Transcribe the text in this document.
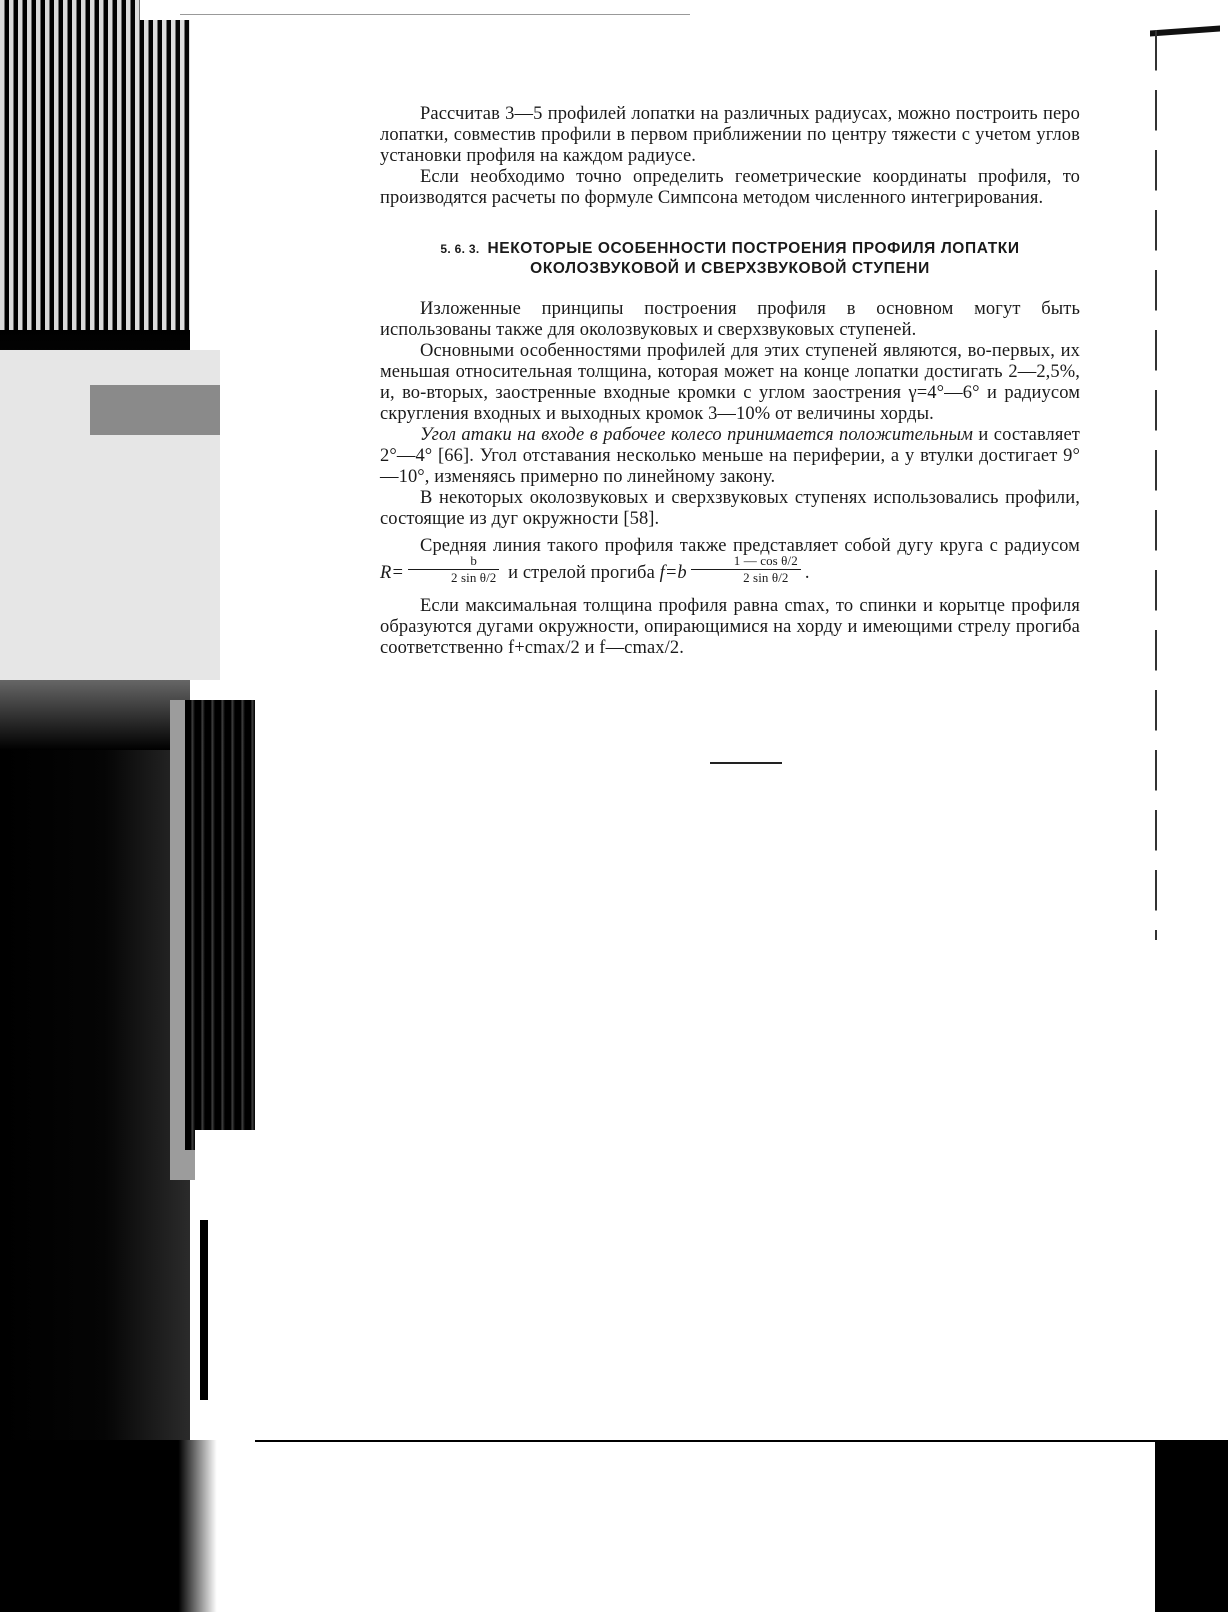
Рассчитав 3—5 профилей лопатки на различных радиусах, можно построить перо лопатки, совместив профили в первом приближении по центру тяжести с учетом углов установки профиля на каждом радиусе.

Если необходимо точно определить геометрические координаты профиля, то производятся расчеты по формуле Симпсона методом численного интегрирования.

5. 6. 3. НЕКОТОРЫЕ ОСОБЕННОСТИ ПОСТРОЕНИЯ ПРОФИЛЯ ЛОПАТКИ ОКОЛОЗВУКОВОЙ И СВЕРХЗВУКОВОЙ СТУПЕНИ

Изложенные принципы построения профиля в основном могут быть использованы также для околозвуковых и сверхзвуковых ступеней.

Основными особенностями профилей для этих ступеней являются, во-первых, их меньшая относительная толщина, которая может на конце лопатки достигать 2—2,5%, и, во-вторых, заостренные входные кромки с углом заострения γ=4°—6° и радиусом скругления входных и выходных кромок 3—10% от величины хорды.

Угол атаки на входе в рабочее колесо принимается положительным и составляет 2°—4° [66]. Угол отставания несколько меньше на периферии, а у втулки достигает 9°—10°, изменяясь примерно по линейному закону.

В некоторых околозвуковых и сверхзвуковых ступенях использовались профили, состоящие из дуг окружности [58].

Средняя линия такого профиля также представляет собой дугу круга с радиусом $R= \frac{b}{\text{2 sin θ/2}}$ и стрелой прогиба $f=b \frac{\text{1 — cos θ/2}}{\text{2 sin θ/2}}$ .

Если максимальная толщина профиля равна cmax, то спинки и корытце профиля образуются дугами окружности, опирающимися на хорду и имеющими стрелу прогиба соответственно f+cmax/2 и f—cmax/2.
